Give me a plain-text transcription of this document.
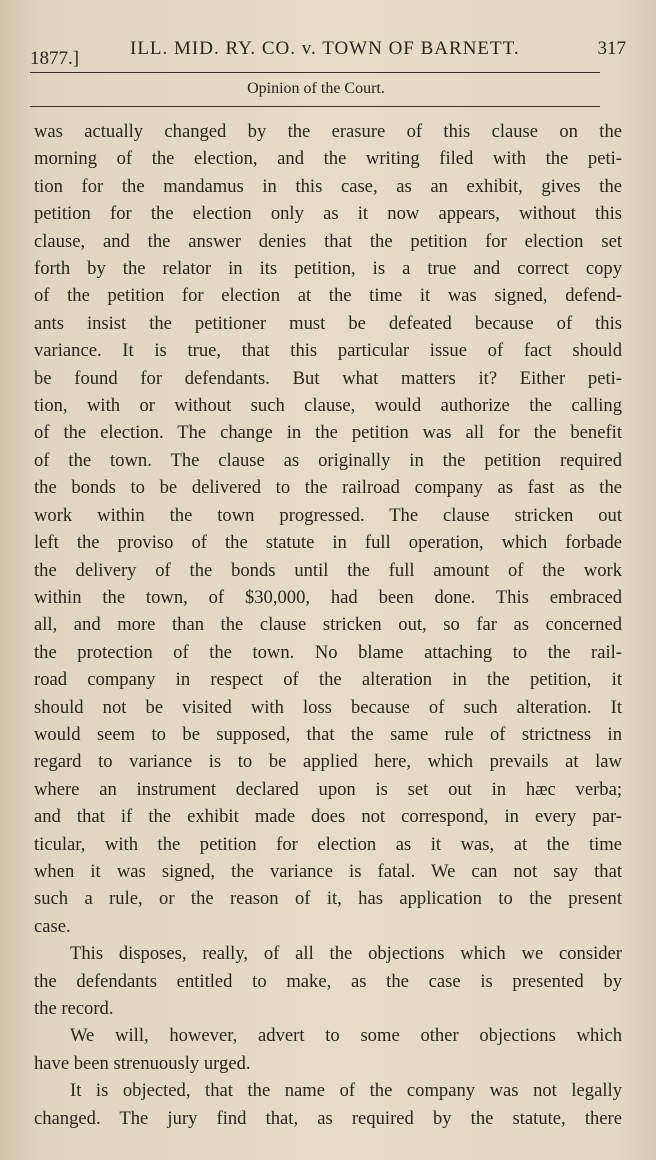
1877.]	ILL. MID. RY. CO. v. TOWN OF BARNETT.	317
Opinion of the Court.
was actually changed by the erasure of this clause on the
morning of the election, and the writing filed with the peti-
tion for the mandamus in this case, as an exhibit, gives the
petition for the election only as it now appears, without this
clause, and the answer denies that the petition for election set
forth by the relator in its petition, is a true and correct copy
of the petition for election at the time it was signed, defend-
ants insist the petitioner must be defeated because of this
variance. It is true, that this particular issue of fact should
be found for defendants. But what matters it? Either peti-
tion, with or without such clause, would authorize the calling
of the election. The change in the petition was all for the benefit
of the town. The clause as originally in the petition required
the bonds to be delivered to the railroad company as fast as the
work within the town progressed. The clause stricken out
left the proviso of the statute in full operation, which forbade
the delivery of the bonds until the full amount of the work
within the town, of $30,000, had been done. This embraced
all, and more than the clause stricken out, so far as concerned
the protection of the town. No blame attaching to the rail-
road company in respect of the alteration in the petition, it
should not be visited with loss because of such alteration. It
would seem to be supposed, that the same rule of strictness in
regard to variance is to be applied here, which prevails at law
where an instrument declared upon is set out in hæc verba;
and that if the exhibit made does not correspond, in every par-
ticular, with the petition for election as it was, at the time
when it was signed, the variance is fatal. We can not say that
such a rule, or the reason of it, has application to the present
case.
This disposes, really, of all the objections which we consider
the defendants entitled to make, as the case is presented by
the record.
We will, however, advert to some other objections which
have been strenuously urged.
It is objected, that the name of the company was not legally
changed. The jury find that, as required by the statute, there
